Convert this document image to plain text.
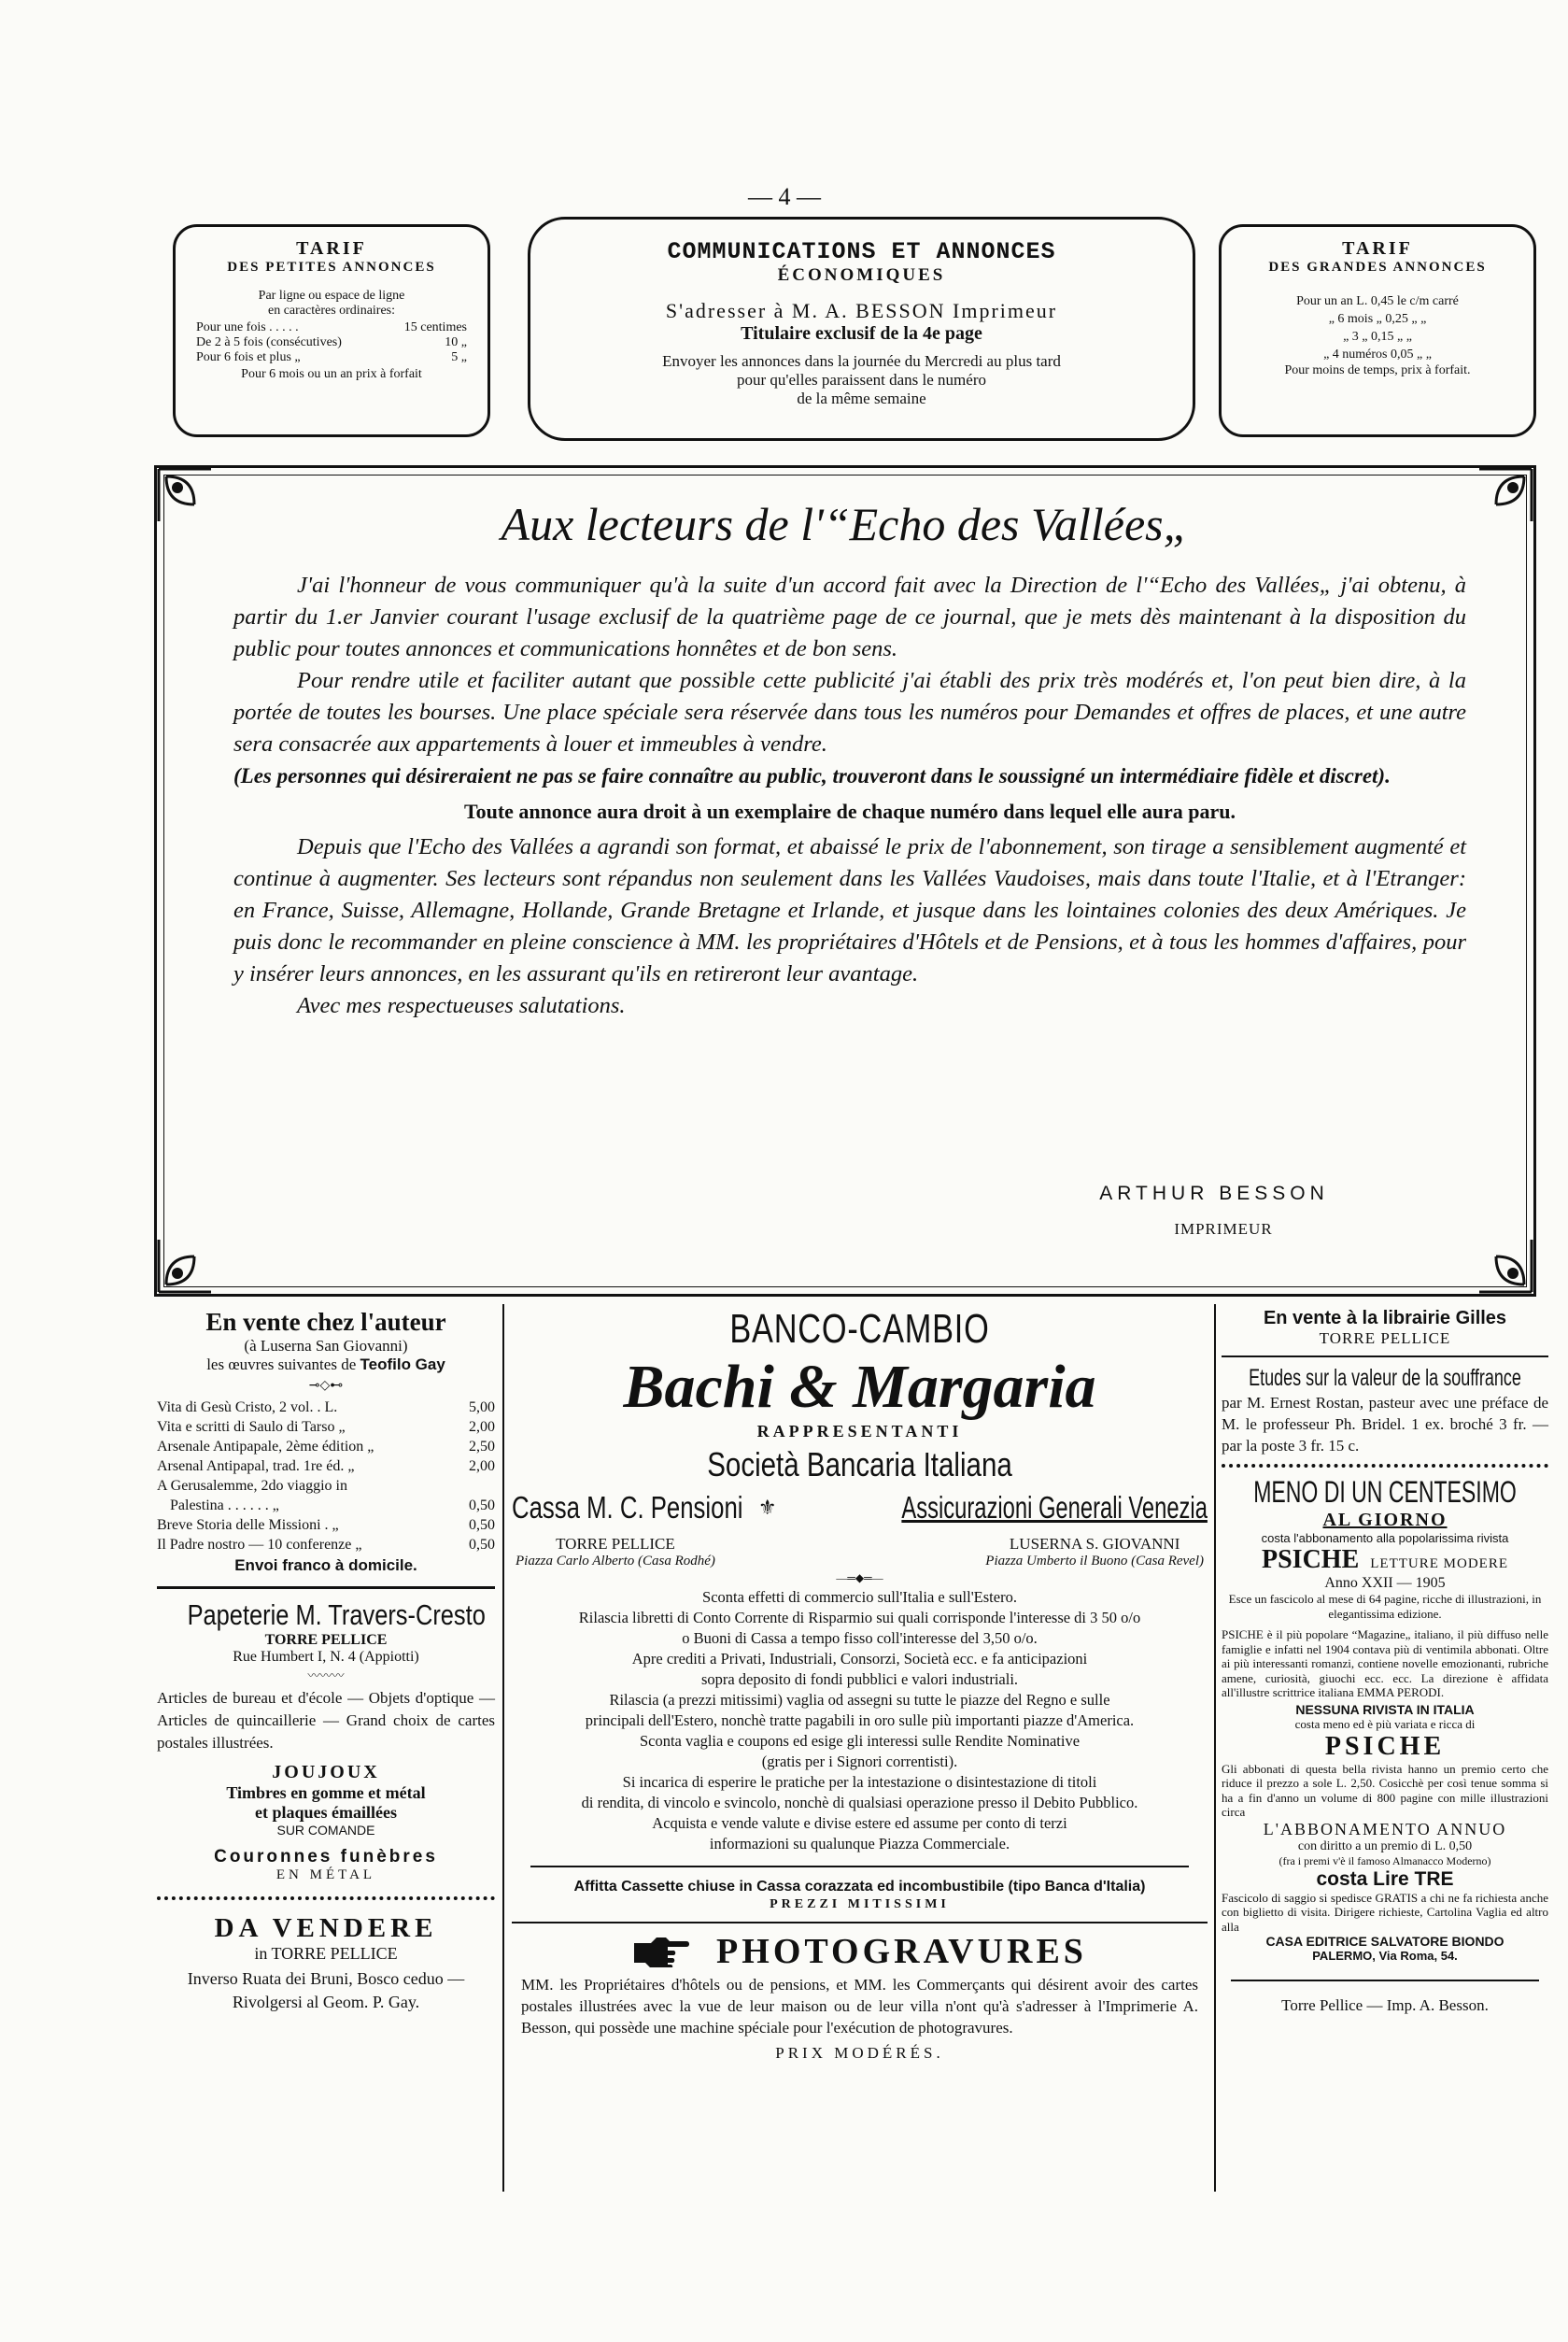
— 4 —
TARIF
DES PETITES ANNONCES
Par ligne ou espace de ligne
en caractères ordinaires:
Pour une fois . . . . .	15 centimes
De 2 à 5 fois (consécutives)	10 „
Pour 6 fois et plus „	5 „
Pour 6 mois ou un an prix à forfait
COMMUNICATIONS ET ANNONCES
ÉCONOMIQUES
S'adresser à M. A. BESSON Imprimeur
Titulaire exclusif de la 4e page
Envoyer les annonces dans la journée du Mercredi au plus tard
pour qu'elles paraissent dans le numéro
de la même semaine
TARIF
DES GRANDES ANNONCES
Pour un an L. 0,45 le c/m carré
„ 6 mois „ 0,25 „ „
„ 3 „ 0,15 „ „
„ 4 numéros 0,05 „ „
Pour moins de temps, prix à forfait.
Aux lecteurs de l'“Echo des Vallées„

J'ai l'honneur de vous communiquer qu'à la suite d'un accord fait avec la Direction de l'“Echo des Vallées„ j'ai obtenu, à partir du 1.er Janvier courant l'usage exclusif de la quatrième page de ce journal, que je mets dès maintenant à la disposition du public pour toutes annonces et communications honnêtes et de bon sens.

Pour rendre utile et faciliter autant que possible cette publicité j'ai établi des prix très modérés et, l'on peut bien dire, à la portée de toutes les bourses. Une place spéciale sera réservée dans tous les numéros pour Demandes et offres de places, et une autre sera consacrée aux appartements à louer et immeubles à vendre.

(Les personnes qui désireraient ne pas se faire connaître au public, trouveront dans le soussigné un intermédiaire fidèle et discret).

Toute annonce aura droit à un exemplaire de chaque numéro dans lequel elle aura paru.

Depuis que l'Echo des Vallées a agrandi son format, et abaissé le prix de l'abonnement, son tirage a sensiblement augmenté et continue à augmenter. Ses lecteurs sont répandus non seulement dans les Vallées Vaudoises, mais dans toute l'Italie, et à l'Etranger: en France, Suisse, Allemagne, Hollande, Grande Bretagne et Irlande, et jusque dans les lointaines colonies des deux Amériques. Je puis donc le recommander en pleine conscience à MM. les propriétaires d'Hôtels et de Pensions, et à tous les hommes d'affaires, pour y insérer leurs annonces, en les assurant qu'ils en retireront leur avantage.

Avec mes respectueuses salutations.

ARTHUR BESSON
IMPRIMEUR
En vente chez l'auteur
(à Luserna San Giovanni)
les œuvres suivantes de Teofilo Gay
⊸◇⊷
Vita di Gesù Cristo, 2 vol. . L.	5,00
Vita e scritti di Saulo di Tarso „	2,00
Arsenale Antipapale, 2ème édition „	2,50
Arsenal Antipapal, trad. 1re éd. „	2,00
A Gerusalemme, 2do viaggio in
Palestina . . . . . . „	0,50
Breve Storia delle Missioni . „	0,50
Il Padre nostro — 10 conferenze „	0,50
Envoi franco à domicile.
Papeterie M. Travers-Cresto
TORRE PELLICE
Rue Humbert I, N. 4 (Appiotti)
〰〰〰
Articles de bureau et d'école — Objets d'optique — Articles de quincaillerie — Grand choix de cartes postales illustrées.
JOUJOUX
Timbres en gomme et métal
et plaques émaillées
SUR COMANDE
Couronnes funèbres
EN MÉTAL
DA VENDERE
in TORRE PELLICE
Inverso Ruata dei Bruni, Bosco ceduo — Rivolgersi al Geom. P. Gay.
BANCO-CAMBIO
Bachi & Margaria
RAPPRESENTANTI
Società Bancaria Italiana
Cassa M. C. Pensioni ⚜	Assicurazioni Generali Venezia
TORRE PELLICE
Piazza Carlo Alberto (Casa Rodhé)
LUSERNA S. GIOVANNI
Piazza Umberto il Buono (Casa Revel)
—═◆═—
Sconta effetti di commercio sull'Italia e sull'Estero.
Rilascia libretti di Conto Corrente di Risparmio sui quali corrisponde l'interesse di 3 50 o/o
o Buoni di Cassa a tempo fisso coll'interesse del 3,50 o/o.
Apre crediti a Privati, Industriali, Consorzi, Società ecc. e fa anticipazioni
sopra deposito di fondi pubblici e valori industriali.
Rilascia (a prezzi mitissimi) vaglia od assegni su tutte le piazze del Regno e sulle
principali dell'Estero, nonchè tratte pagabili in oro sulle più importanti piazze d'America.
Sconta vaglia e coupons ed esige gli interessi sulle Rendite Nominative
(gratis per i Signori correntisti).
Si incarica di esperire le pratiche per la intestazione o disintestazione di titoli
di rendita, di vincolo e svincolo, nonchè di qualsiasi operazione presso il Debito Pubblico.
Acquista e vende valute e divise estere ed assume per conto di terzi
informazioni su qualunque Piazza Commerciale.
Affitta Cassette chiuse in Cassa corazzata ed incombustibile (tipo Banca d'Italia)
PREZZI MITISSIMI
PHOTOGRAVURES
MM. les Propriétaires d'hôtels ou de pensions, et MM. les Commerçants qui désirent avoir des cartes postales illustrées avec la vue de leur maison ou de leur villa n'ont qu'à s'adresser à l'Imprimerie A. Besson, qui possède une machine spéciale pour l'exécution de photogravures.
PRIX MODÉRÉS.
En vente à la librairie Gilles
TORRE PELLICE
Etudes sur la valeur de la souffrance
par M. Ernest Rostan, pasteur avec une préface de M. le professeur Ph. Bridel. 1 ex. broché 3 fr. — par la poste 3 fr. 15 c.
MENO DI UN CENTESIMO
AL GIORNO
costa l'abbonamento alla popolarissima rivista
PSICHE LETTURE MODERE
Anno XXII — 1905
Esce un fascicolo al mese di 64 pagine, ricche di illustrazioni, in elegantissima edizione.
PSICHE è il più popolare “Magazine„ italiano, il più diffuso nelle famiglie e infatti nel 1904 contava più di ventimila abbonati. Oltre ai più interessanti romanzi, contiene novelle emozionanti, rubriche amene, curiosità, giuochi ecc. ecc. La direzione è affidata all'illustre scrittrice italiana EMMA PERODI.
NESSUNA RIVISTA IN ITALIA
costa meno ed è più variata e ricca di
PSICHE
Gli abbonati di questa bella rivista hanno un premio certo che riduce il prezzo a sole L. 2,50. Cosicchè per così tenue somma si ha a fin d'anno un volume di 800 pagine con mille illustrazioni circa
L'ABBONAMENTO ANNUO
con diritto a un premio di L. 0,50
(fra i premi v'è il famoso Almanacco Moderno)
costa Lire TRE
Fascicolo di saggio si spedisce GRATIS a chi ne fa richiesta anche con biglietto di visita. Dirigere richieste, Cartolina Vaglia ed altro alla
CASA EDITRICE SALVATORE BIONDO
PALERMO, Via Roma, 54.
Torre Pellice — Imp. A. Besson.
